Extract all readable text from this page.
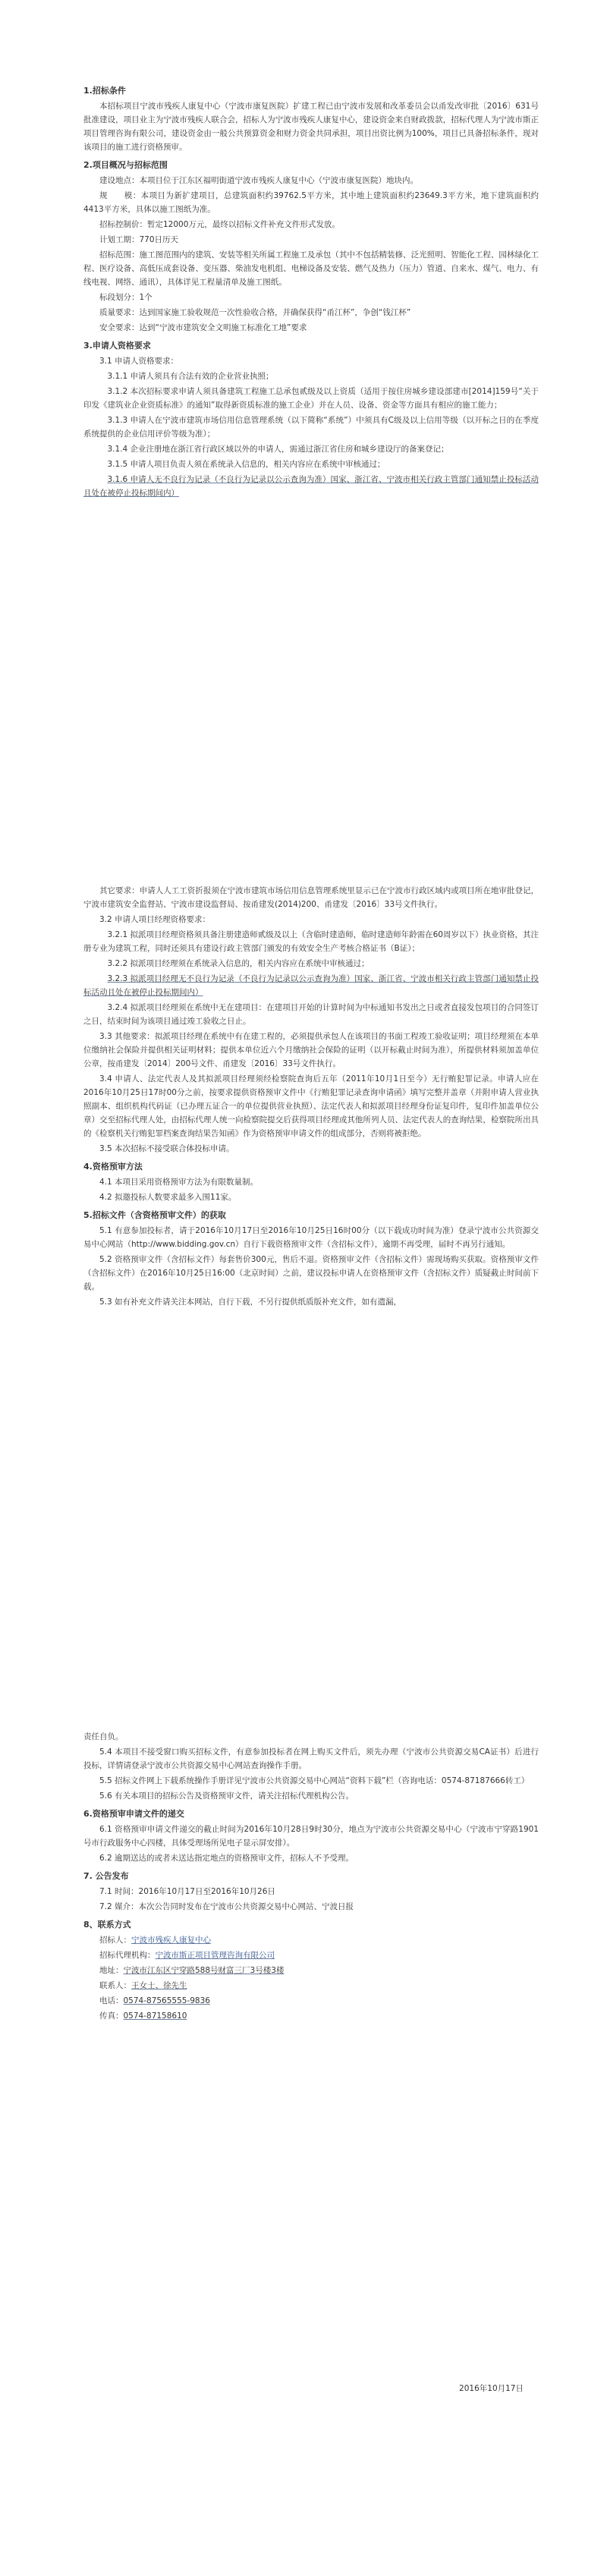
1.招标条件

本招标项目宁波市残疾人康复中心（宁波市康复医院）扩建工程已由宁波市发展和改革委员会以甬发改审批〔2016〕631号批准建设，项目业主为宁波市残疾人联合会，招标人为宁波市残疾人康复中心，建设资金来自财政拨款，招标代理人为宁波市斯正项目管理咨询有限公司，建设资金由一般公共预算资金和财力资金共同承担，项目出资比例为100%，项目已具备招标条件，现对该项目的施工进行资格预审。

2.项目概况与招标范围

建设地点：本项目位于江东区福明街道宁波市残疾人康复中心（宁波市康复医院）地块内。

规　　模：本项目为新扩建项目，总建筑面积约39762.5平方米，其中地上建筑面积约23649.3平方米，地下建筑面积约4413平方米，具体以施工图纸为准。

招标控制价：暂定12000万元，最终以招标文件补充文件形式发放。

计划工期：770日历天

招标范围：施工图范围内的建筑、安装等相关所属工程施工及承包（其中不包括精装修、泛光照明、智能化工程、园林绿化工程、医疗设备、高低压成套设备、变压器、柴油发电机组、电梯设备及安装、燃气及热力（压力）管道、自来水、煤气、电力、有线电视、网络、通讯），具体详见工程量清单及施工图纸。

标段划分：1个

质量要求：达到国家施工验收规范一次性验收合格，并确保获得“甬江杯”，争创“钱江杯”

安全要求：达到“宁波市建筑安全文明施工标准化工地”要求

3.申请人资格要求

3.1 申请人资格要求：

3.1.1 申请人须具有合法有效的企业营业执照；

3.1.2 本次招标要求申请人须具备建筑工程施工总承包贰级及以上资质（适用于按住房城乡建设部建市[2014]159号“关于印发《建筑业企业资质标准》的通知”取得新资质标准的施工企业）并在人员、设备、资金等方面具有相应的施工能力；

3.1.3 申请人在宁波市建筑市场信用信息管理系统（以下简称“系统”）中须具有C级及以上信用等级（以开标之日的在季度系统提供的企业信用评价等级为准）；

3.1.4 企业注册地在浙江省行政区域以外的申请人，需通过浙江省住房和城乡建设厅的备案登记；

3.1.5 申请人项目负责人须在系统录入信息的，相关内容应在系统中审核通过；

3.1.6 申请人无不良行为记录（不良行为记录以公示查询为准）国家、浙江省、宁波市相关行政主管部门通知禁止投标活动且处在被停止投标期间内）

其它要求：申请人人工工资折报须在宁波市建筑市场信用信息管理系统里显示已在宁波市行政区域内或项目所在地审批登记，宁波市建筑安全监督站、宁波市建设监督局、按甬建发(2014)200、甬建发〔2016〕33号文件执行。

3.2 申请人项目经理资格要求：

3.2.1 拟派项目经理资格须具备注册建造师贰级及以上（含临时建造师，临时建造师年龄需在60周岁以下）执业资格，其注册专业为建筑工程，同时还须具有建设行政主管部门颁发的有效安全生产考核合格证书（B证）；

3.2.2 拟派项目经理须在系统录入信息的，相关内容应在系统中审核通过；

3.2.3 拟派项目经理无不良行为记录（不良行为记录以公示查询为准）国家、浙江省、宁波市相关行政主管部门通知禁止投标活动且处在被停止投标期间内）

3.2.4 拟派项目经理须在系统中无在建项目：在建项目开始的计算时间为中标通知书发出之日或者直接发包项目的合同签订之日，结束时间为该项目通过竣工验收之日止。

3.3 其他要求：拟派项目经理在系统中有在建工程的，必须提供承包人在该项目的书面工程竣工验收证明；项目经理须在本单位缴纳社会保险并提供相关证明材料；提供本单位近六个月缴纳社会保险的证明（以开标截止时间为准），所提供材料须加盖单位公章，按甬建发〔2014〕200号文件、甬建发〔2016〕33号文件执行。

3.4 申请人、法定代表人及其拟派项目经理须经检察院查询后五年（2011年10月1日至今）无行贿犯罪记录。申请人应在2016年10月25日17时00分之前，按要求提供资格预审文件中《行贿犯罪记录查询申请函》填写完整并盖章（并附申请人营业执照副本、组织机构代码证（已办理五证合一的单位提供营业执照）、法定代表人和拟派项目经理身份证复印件，复印件加盖单位公章）交至招标代理人处，由招标代理人统一向检察院提交后获得项目经理或其他所列人员、法定代表人的查询结果，检察院所出具的《检察机关行贿犯罪档案查询结果告知函》作为资格预审申请文件的组成部分，否则将被拒绝。

3.5 本次招标不接受联合体投标申请。

4.资格预审方法

4.1 本项目采用资格预审方法为有限数量制。

4.2 拟邀投标人数要求最多入围11家。

5.招标文件（含资格预审文件）的获取

5.1 有意参加投标者，请于2016年10月17日至2016年10月25日16时00分（以下载成功时间为准）登录宁波市公共资源交易中心网站（http://www.bidding.gov.cn）自行下载资格预审文件（含招标文件），逾期不再受理，届时不再另行通知。

5.2 资格预审文件（含招标文件）每套售价300元，售后不退。资格预审文件（含招标文件）需现场购买获取。资格预审文件（含招标文件）在2016年10月25日16:00（北京时间）之前，建议投标申请人在资格预审文件（含招标文件）质疑截止时间前下载。

5.3 如有补充文件请关注本网站，自行下载，不另行提供纸质版补充文件，如有遗漏，

责任自负。

5.4 本项目不接受窗口购买招标文件，有意参加投标者在网上购买文件后，须先办理（宁波市公共资源交易CA证书）后进行投标，详情请登录宁波市公共资源交易中心网站查询操作手册。

5.5 招标文件网上下载系统操作手册详见宁波市公共资源交易中心网站“资料下载”栏（咨询电话：0574-87187666转工）

5.6 有关本项目的招标公告及资格预审文件，请关注招标代理机构公告。

6.资格预审申请文件的递交

6.1 资格预审申请文件递交的截止时间为2016年10月28日9时30分，地点为宁波市公共资源交易中心（宁波市宁穿路1901号市行政服务中心四楼，具体受理场所见电子显示屏安排）。

6.2 逾期送达的或者未送达指定地点的资格预审文件，招标人不予受理。

7. 公告发布

7.1 时间：2016年10月17日至2016年10月26日

7.2 媒介：本次公告同时发布在宁波市公共资源交易中心网站、宁波日报

8、联系方式
招标人：宁波市残疾人康复中心
招标代理机构：宁波市斯正项目管理咨询有限公司
地址：宁波市江东区宁穿路588号财富三厂3号楼3楼
联系人：王女士、徐先生
电话：0574-87565555-9836
传真：0574-87158610
2016年10月17日
